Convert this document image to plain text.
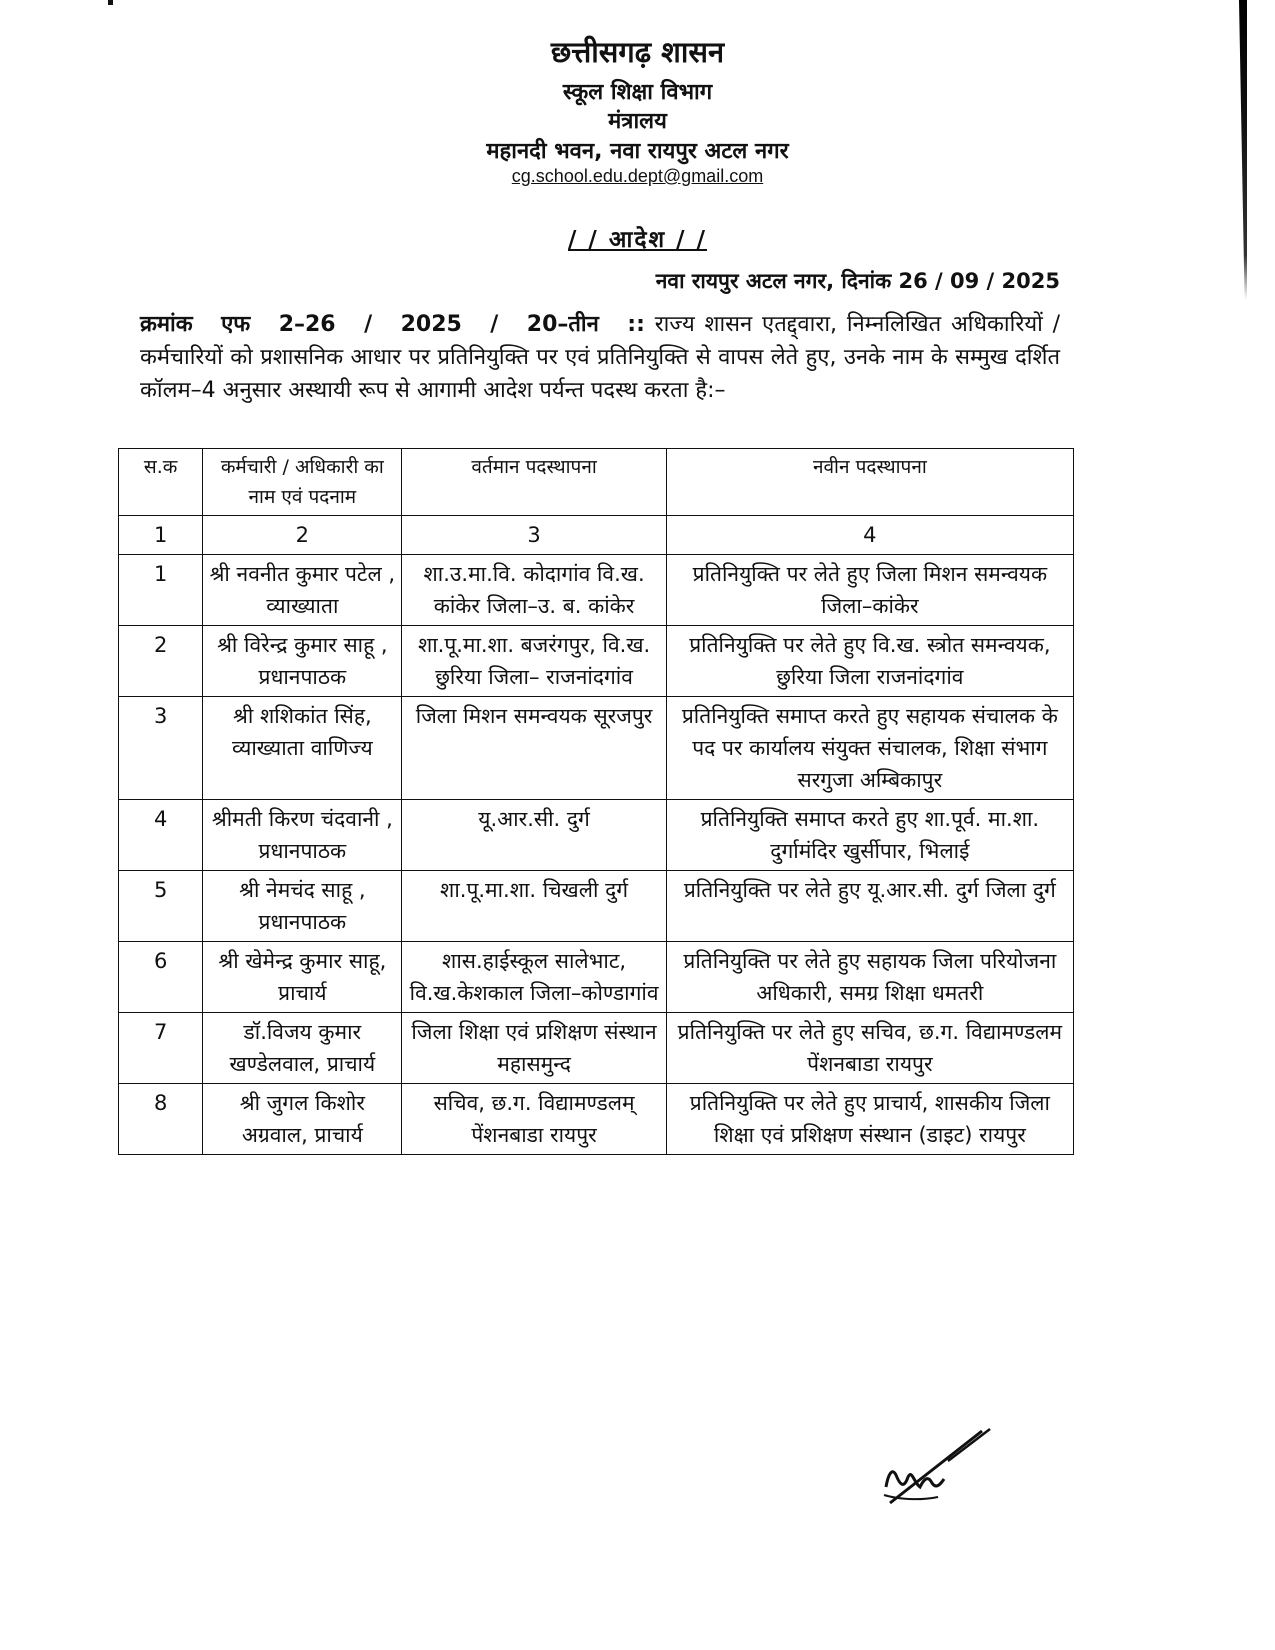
छत्तीसगढ़ शासन
स्कूल शिक्षा विभाग
मंत्रालय
महानदी भवन, नवा रायपुर अटल नगर
cg.school.edu.dept@gmail.com
/ / आदेश / /
नवा रायपुर अटल नगर, दिनांक 26 / 09 / 2025
क्रमांक एफ 2–26 / 2025 / 20–तीन :: राज्य शासन एतद्द्वारा, निम्नलिखित अधिकारियों / कर्मचारियों को प्रशासनिक आधार पर प्रतिनियुक्ति पर एवं प्रतिनियुक्ति से वापस लेते हुए, उनके नाम के सम्मुख दर्शित कॉलम–4 अनुसार अस्थायी रूप से आगामी आदेश पर्यन्त पदस्थ करता है:–
स.क	कर्मचारी / अधिकारी का नाम एवं पदनाम	वर्तमान पदस्थापना	नवीन पदस्थापना
1	2	3	4
1	श्री नवनीत कुमार पटेल , व्याख्याता	शा.उ.मा.वि. कोदागांव वि.ख. कांकेर जिला–उ. ब. कांकेर	प्रतिनियुक्ति पर लेते हुए जिला मिशन समन्वयक जिला–कांकेर
2	श्री विरेन्द्र कुमार साहू , प्रधानपाठक	शा.पू.मा.शा. बजरंगपुर, वि.ख. छुरिया जिला– राजनांदगांव	प्रतिनियुक्ति पर लेते हुए वि.ख. स्त्रोत समन्वयक, छुरिया जिला राजनांदगांव
3	श्री शशिकांत सिंह, व्याख्याता वाणिज्य	जिला मिशन समन्वयक सूरजपुर	प्रतिनियुक्ति समाप्त करते हुए सहायक संचालक के पद पर कार्यालय संयुक्त संचालक, शिक्षा संभाग सरगुजा अम्बिकापुर
4	श्रीमती किरण चंदवानी , प्रधानपाठक	यू.आर.सी. दुर्ग	प्रतिनियुक्ति समाप्त करते हुए शा.पूर्व. मा.शा. दुर्गामंदिर खुर्सीपार, भिलाई
5	श्री नेमचंद साहू , प्रधानपाठक	शा.पू.मा.शा. चिखली दुर्ग	प्रतिनियुक्ति पर लेते हुए यू.आर.सी. दुर्ग जिला दुर्ग
6	श्री खेमेन्द्र कुमार साहू, प्राचार्य	शास.हाईस्कूल सालेभाट, वि.ख.केशकाल जिला–कोण्डागांव	प्रतिनियुक्ति पर लेते हुए सहायक जिला परियोजना अधिकारी, समग्र शिक्षा धमतरी
7	डॉ.विजय कुमार खण्डेलवाल, प्राचार्य	जिला शिक्षा एवं प्रशिक्षण संस्थान महासमुन्द	प्रतिनियुक्ति पर लेते हुए सचिव, छ.ग. विद्यामण्डलम पेंशनबाडा रायपुर
8	श्री जुगल किशोर अग्रवाल, प्राचार्य	सचिव, छ.ग. विद्यामण्डलम् पेंशनबाडा रायपुर	प्रतिनियुक्ति पर लेते हुए प्राचार्य, शासकीय जिला शिक्षा एवं प्रशिक्षण संस्थान (डाइट) रायपुर
